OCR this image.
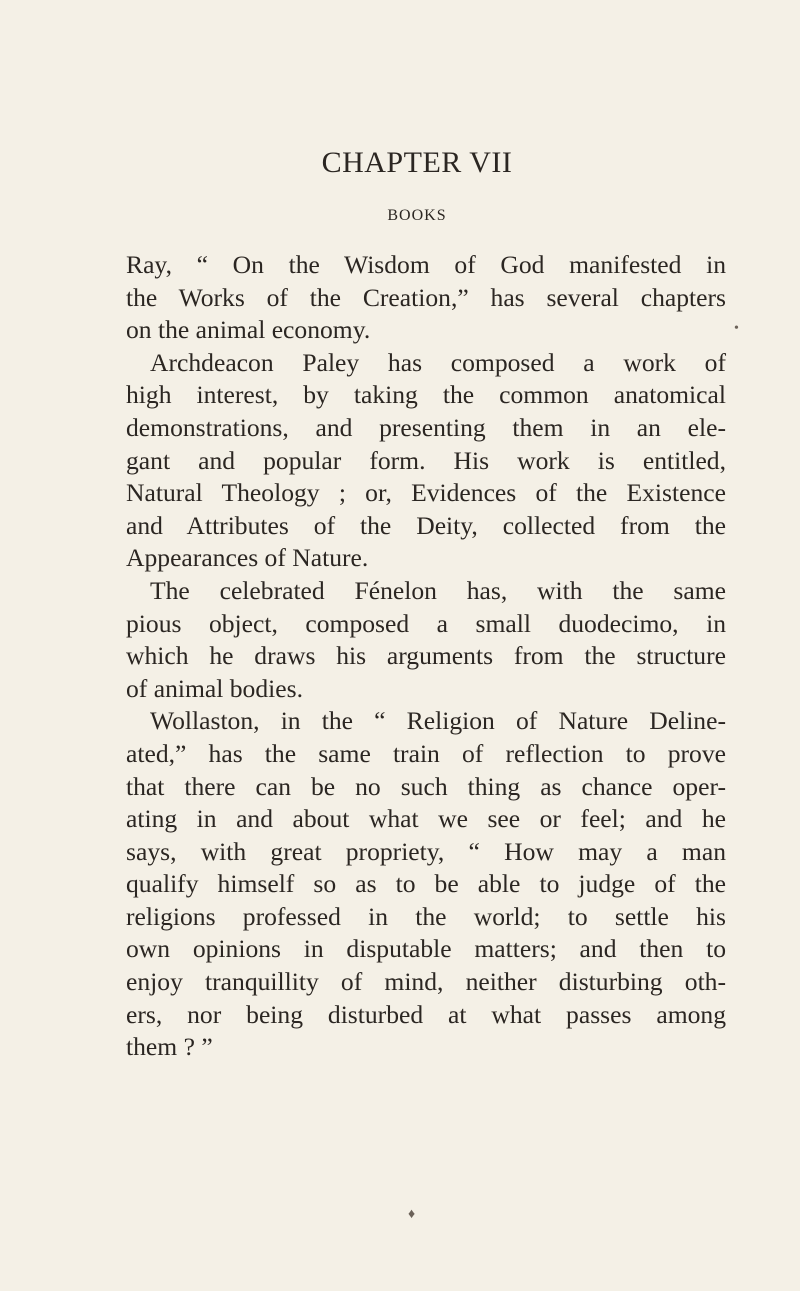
CHAPTER VII
BOOKS
Ray, “ On the Wisdom of God manifested in
the Works of the Creation,” has several chapters
on the animal economy.
Archdeacon Paley has composed a work of
high interest, by taking the common anatomical
demonstrations, and presenting them in an ele-
gant and popular form. His work is entitled,
Natural Theology ; or, Evidences of the Existence
and Attributes of the Deity, collected from the
Appearances of Nature.
The celebrated Fénelon has, with the same
pious object, composed a small duodecimo, in
which he draws his arguments from the structure
of animal bodies.
Wollaston, in the “ Religion of Nature Deline-
ated,” has the same train of reflection to prove
that there can be no such thing as chance oper-
ating in and about what we see or feel; and he
says, with great propriety, “ How may a man
qualify himself so as to be able to judge of the
religions professed in the world; to settle his
own opinions in disputable matters; and then to
enjoy tranquillity of mind, neither disturbing oth-
ers, nor being disturbed at what passes among
them ? ”
•
♦
